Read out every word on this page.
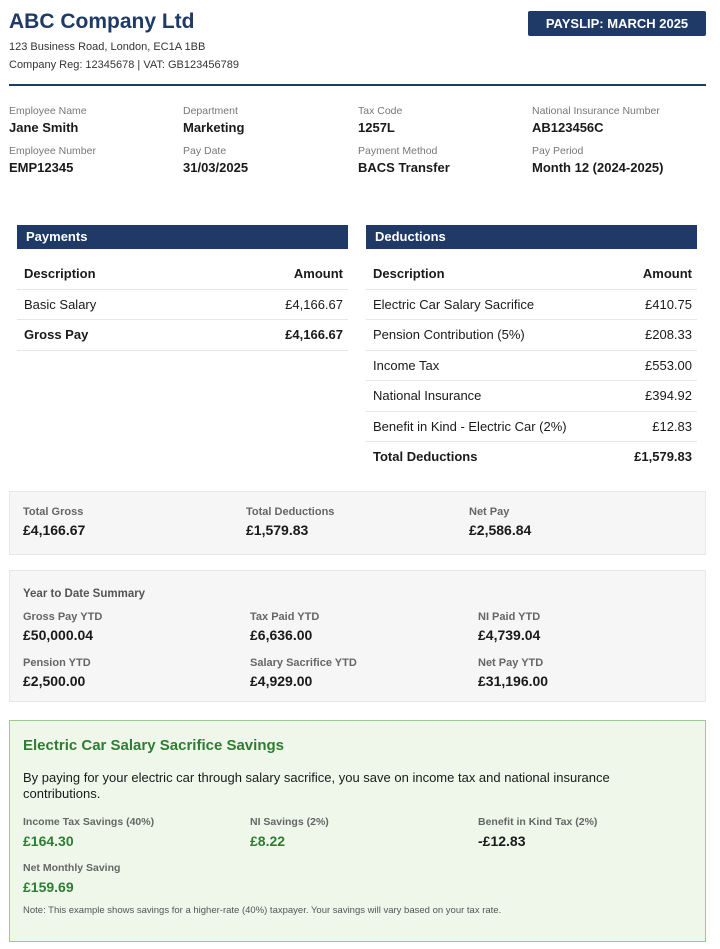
ABC Company Ltd
123 Business Road, London, EC1A 1BB
Company Reg: 12345678 | VAT: GB123456789
PAYSLIP: MARCH 2025
Employee Name
Jane Smith
Department
Marketing
Tax Code
1257L
National Insurance Number
AB123456C
Employee Number
EMP12345
Pay Date
31/03/2025
Payment Method
BACS Transfer
Pay Period
Month 12 (2024-2025)
Payments
Description	Amount
Basic Salary	£4,166.67
Gross Pay	£4,166.67
Deductions
Description	Amount
Electric Car Salary Sacrifice	£410.75
Pension Contribution (5%)	£208.33
Income Tax	£553.00
National Insurance	£394.92
Benefit in Kind - Electric Car (2%)	£12.83
Total Deductions	£1,579.83
Total Gross
£4,166.67
Total Deductions
£1,579.83
Net Pay
£2,586.84
Year to Date Summary
Gross Pay YTD
£50,000.04
Tax Paid YTD
£6,636.00
NI Paid YTD
£4,739.04
Pension YTD
£2,500.00
Salary Sacrifice YTD
£4,929.00
Net Pay YTD
£31,196.00
Electric Car Salary Sacrifice Savings
By paying for your electric car through salary sacrifice, you save on income tax and national insurance contributions.
Income Tax Savings (40%)
£164.30
NI Savings (2%)
£8.22
Benefit in Kind Tax (2%)
-£12.83
Net Monthly Saving
£159.69
Note: This example shows savings for a higher-rate (40%) taxpayer. Your savings will vary based on your tax rate.
